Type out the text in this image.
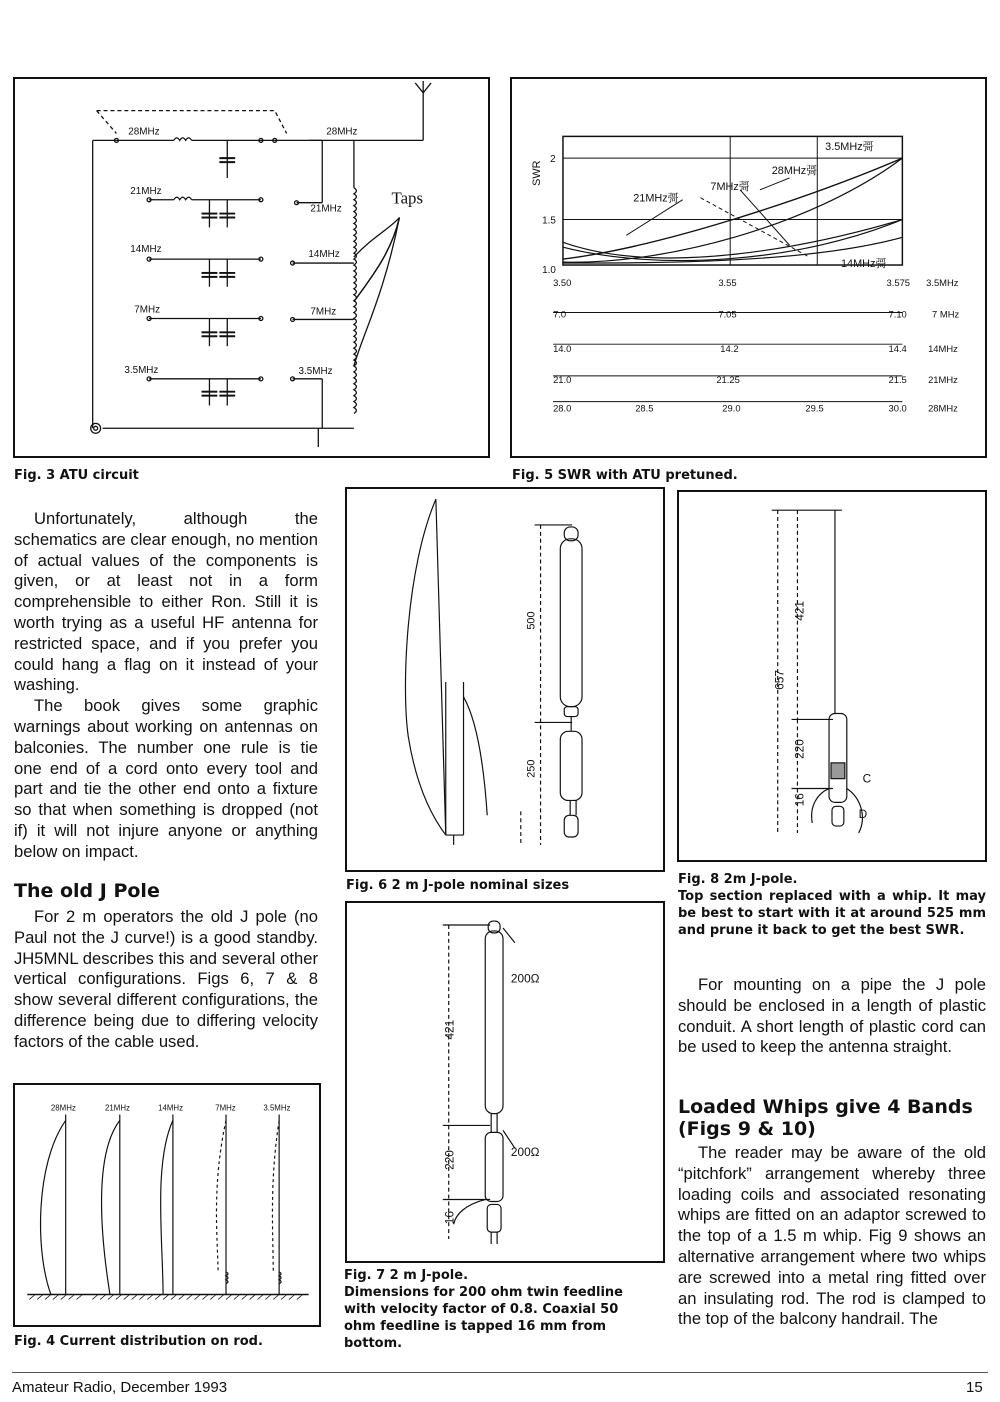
28MHz
21MHz
14MHz
7MHz
3.5MHz
28MHz
21MHz
14MHz
7MHz
3.5MHz
Taps
Fig. 3 ATU circuit
SWR
2
1.5
1.0
3.5MHz彁
28MHz彁
7MHz彁
21MHz彁
14MHz彁
3.50	3.55	3.575 3.5MHz
7.0	7.05	7.10	7 MHz
14.0	14.2	14.4 14MHz
21.0	21.25	21.5 21MHz
28.0	28.5	29.0	29.5	30.0 28MHz
Fig. 5 SWR with ATU pretuned.

Unfortunately, although the schematics are clear enough, no mention of actual values of the components is given, or at least not in a form comprehensible to either Ron. Still it is worth trying as a useful HF antenna for restricted space, and if you prefer you could hang a flag on it instead of your washing.

The book gives some graphic warnings about working on antennas on balconies. The number one rule is tie one end of a cord onto every tool and part and tie the other end onto a fixture so that when something is dropped (not if) it will not injure anyone or anything below on impact.

The old J Pole

For 2 m operators the old J pole (no Paul not the J curve!) is a good standby. JH5MNL describes this and several other vertical configurations. Figs 6, 7 & 8 show several different configurations, the difference being due to differing velocity factors of the cable used.

28MHz	21MHz	14MHz	7MHz	3.5MHz
Fig. 4 Current distribution on rod.
500
250
Fig. 6 2 m J-pole nominal sizes
421
220
16
200Ω
200Ω
Fig. 7 2 m J-pole.
Dimensions for 200 ohm twin feedline with velocity factor of 0.8. Coaxial 50 ohm feedline is tapped 16 mm from bottom.
421
657
220
16
C
D
Fig. 8 2m J-pole.
Top section replaced with a whip. It may be best to start with it at around 525 mm and prune it back to get the best SWR.

For mounting on a pipe the J pole should be enclosed in a length of plastic conduit. A short length of plastic cord can be used to keep the antenna straight.

Loaded Whips give 4 Bands (Figs 9 & 10)

The reader may be aware of the old “pitchfork” arrangement whereby three loading coils and associated resonating whips are fitted on an adaptor screwed to the top of a 1.5 m whip. Fig 9 shows an alternative arrangement where two whips are screwed into a metal ring fitted over an insulating rod. The rod is clamped to the top of the balcony handrail. The

Amateur Radio, December 1993	15
